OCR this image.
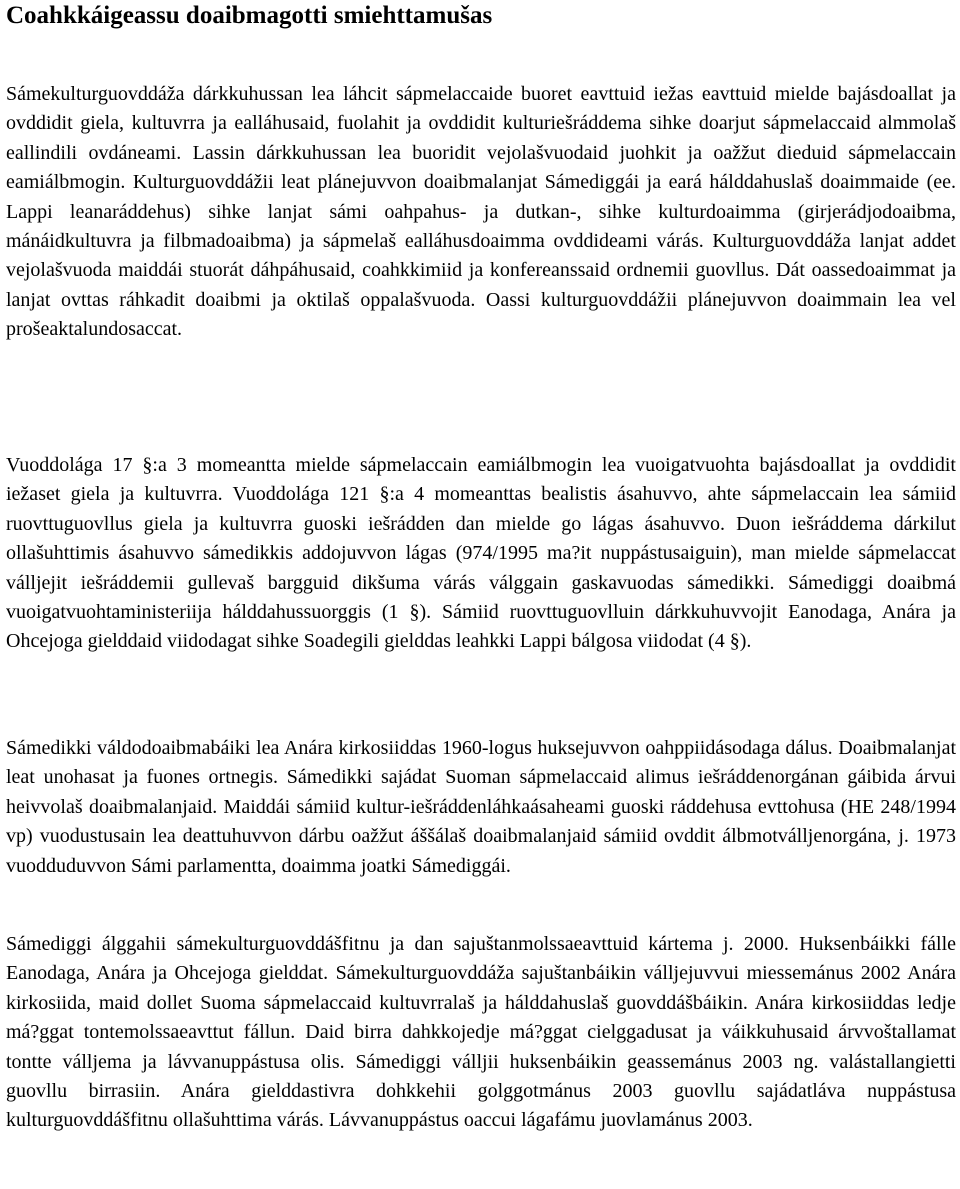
Coahkkáigeassu doaibmagotti smiehttamušas

Sámekulturguovddáža dárkkuhussan lea láhcit sápmelaccaide buoret eavttuid iežas eavttuid mielde bajásdoallat ja ovddidit giela, kultuvrra ja ealláhusaid, fuolahit ja ovddidit kulturiešráddema sihke doarjut sápmelaccaid almmolaš eallindili ovdáneami. Lassin dárkkuhussan lea buoridit vejolašvuodaid juohkit ja oažžut dieduid sápmelaccain eamiálbmogin. Kulturguovddážii leat plánejuvvon doaibmalanjat Sámediggái ja eará hálddahuslaš doaimmaide (ee. Lappi leanaráddehus) sihke lanjat sámi oahpahus- ja dutkan-, sihke kulturdoaimma (girjerádjodoaibma, mánáidkultuvra ja filbmadoaibma) ja sápmelaš ealláhusdoaimma ovddideami várás. Kulturguovddáža lanjat addet vejolašvuoda maiddái stuorát dáhpáhusaid, coahkkimiid ja konfereanssaid ordnemii guovllus. Dát oassedoaimmat ja lanjat ovttas ráhkadit doaibmi ja oktilaš oppalašvuoda. Oassi kulturguovddážii plánejuvvon doaimmain lea vel prošeaktalundosaccat.

Vuoddolága 17 §:a 3 momeantta mielde sápmelaccain eamiálbmogin lea vuoigatvuohta bajásdoallat ja ovddidit iežaset giela ja kultuvrra. Vuoddolága 121 §:a 4 momeanttas bealistis ásahuvvo, ahte sápmelaccain lea sámiid ruovttuguovllus giela ja kultuvrra guoski iešrádden dan mielde go lágas ásahuvvo. Duon iešráddema dárkilut ollašuhttimis ásahuvvo sámedikkis addojuvvon lágas (974/1995 ma?it nuppástusaiguin), man mielde sápmelaccat válljejit iešráddemii gullevaš bargguid dikšuma várás válggain gaskavuodas sámedikki. Sámediggi doaibmá vuoigatvuohtaministeriija hálddahussuorggis (1 §). Sámiid ruovttuguovlluin dárkkuhuvvojit Eanodaga, Anára ja Ohcejoga gielddaid viidodagat sihke Soadegili gielddas leahkki Lappi bálgosa viidodat (4 §).

Sámedikki váldodoaibmabáiki lea Anára kirkosiiddas 1960-logus huksejuvvon oahppiidásodaga dálus. Doaibmalanjat leat unohasat ja fuones ortnegis. Sámedikki sajádat Suoman sápmelaccaid alimus iešráddenorgánan gáibida árvui heivvolaš doaibmalanjaid. Maiddái sámiid kultur-iešráddenláhkaásaheami guoski ráddehusa evttohusa (HE 248/1994 vp) vuodustusain lea deattuhuvvon dárbu oažžut áššálaš doaibmalanjaid sámiid ovddit álbmotválljenorgána, j. 1973 vuodduduvvon Sámi parlamentta, doaimma joatki Sámediggái.

Sámediggi álggahii sámekulturguovddášfitnu ja dan sajuštanmolssaeavttuid kártema j. 2000. Huksenbáikki fálle Eanodaga, Anára ja Ohcejoga gielddat. Sámekulturguovddáža sajuštanbáikin válljejuvvui miessemánus 2002 Anára kirkosiida, maid dollet Suoma sápmelaccaid kultuvrralaš ja hálddahuslaš guovddášbáikin. Anára kirkosiiddas ledje má?ggat tontemolssaeavttut fállun. Daid birra dahkkojedje má?ggat cielggadusat ja váikkuhusaid árvvoštallamat tontte válljema ja lávvanuppástusa olis. Sámediggi válljii huksenbáikin geassemánus 2003 ng. valástallangietti guovllu birrasiin. Anára gielddastivra dohkkehii golggotmánus 2003 guovllu sajádatláva nuppástusa kulturguovddášfitnu ollašuhttima várás. Lávvanuppástus oaccui lágafámu juovlamánus 2003.
